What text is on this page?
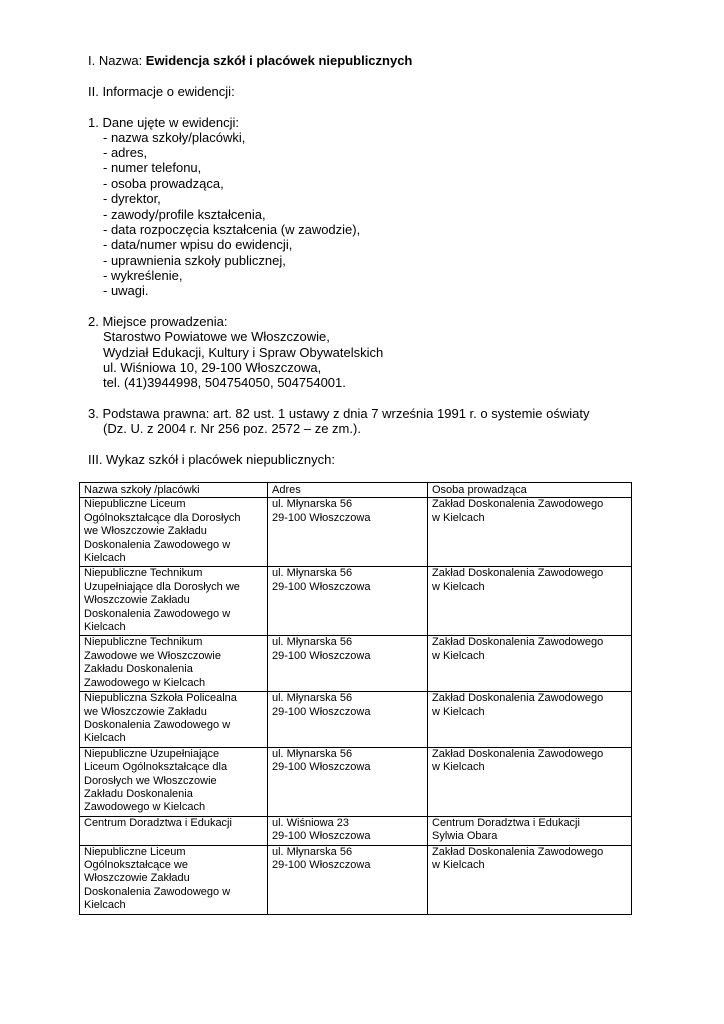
I. Nazwa: Ewidencja szkół i placówek niepublicznych
II. Informacje o ewidencji:
1. Dane ujęte w ewidencji:
- nazwa szkoły/placówki,
- adres,
- numer telefonu,
- osoba prowadząca,
- dyrektor,
- zawody/profile kształcenia,
- data rozpoczęcia kształcenia (w zawodzie),
- data/numer wpisu do ewidencji,
- uprawnienia szkoły publicznej,
- wykreślenie,
- uwagi.
2. Miejsce prowadzenia:
Starostwo Powiatowe we Włoszczowie,
Wydział Edukacji, Kultury i Spraw Obywatelskich
ul. Wiśniowa 10, 29-100 Włoszczowa,
tel. (41)3944998, 504754050, 504754001.
3. Podstawa prawna: art. 82 ust. 1 ustawy z dnia 7 września 1991 r. o systemie oświaty
(Dz. U. z 2004 r. Nr 256 poz. 2572 – ze zm.).
III. Wykaz szkół i placówek niepublicznych:
Nazwa szkoły /placówki	Adres	Osoba prowadząca

Niepubliczne Liceum
Ogólnokształcące dla Dorosłych
we Włoszczowie Zakładu
Doskonalenia Zawodowego w
Kielcach	ul. Młynarska 56
29-100 Włoszczowa	Zakład Doskonalenia Zawodowego
w Kielcach

Niepubliczne Technikum
Uzupełniające dla Dorosłych we
Włoszczowie Zakładu
Doskonalenia Zawodowego w
Kielcach	ul. Młynarska 56
29-100 Włoszczowa	Zakład Doskonalenia Zawodowego
w Kielcach

Niepubliczne Technikum
Zawodowe we Włoszczowie
Zakładu Doskonalenia
Zawodowego w Kielcach	ul. Młynarska 56
29-100 Włoszczowa	Zakład Doskonalenia Zawodowego
w Kielcach

Niepubliczna Szkoła Policealna
we Włoszczowie Zakładu
Doskonalenia Zawodowego w
Kielcach	ul. Młynarska 56
29-100 Włoszczowa	Zakład Doskonalenia Zawodowego
w Kielcach

Niepubliczne Uzupełniające
Liceum Ogólnokształcące dla
Dorosłych we Włoszczowie
Zakładu Doskonalenia
Zawodowego w Kielcach	ul. Młynarska 56
29-100 Włoszczowa	Zakład Doskonalenia Zawodowego
w Kielcach

Centrum Doradztwa i Edukacji	ul. Wiśniowa 23
29-100 Włoszczowa	Centrum Doradztwa i Edukacji
Sylwia Obara

Niepubliczne Liceum
Ogólnokształcące we
Włoszczowie Zakładu
Doskonalenia Zawodowego w
Kielcach	ul. Młynarska 56
29-100 Włoszczowa	Zakład Doskonalenia Zawodowego
w Kielcach
